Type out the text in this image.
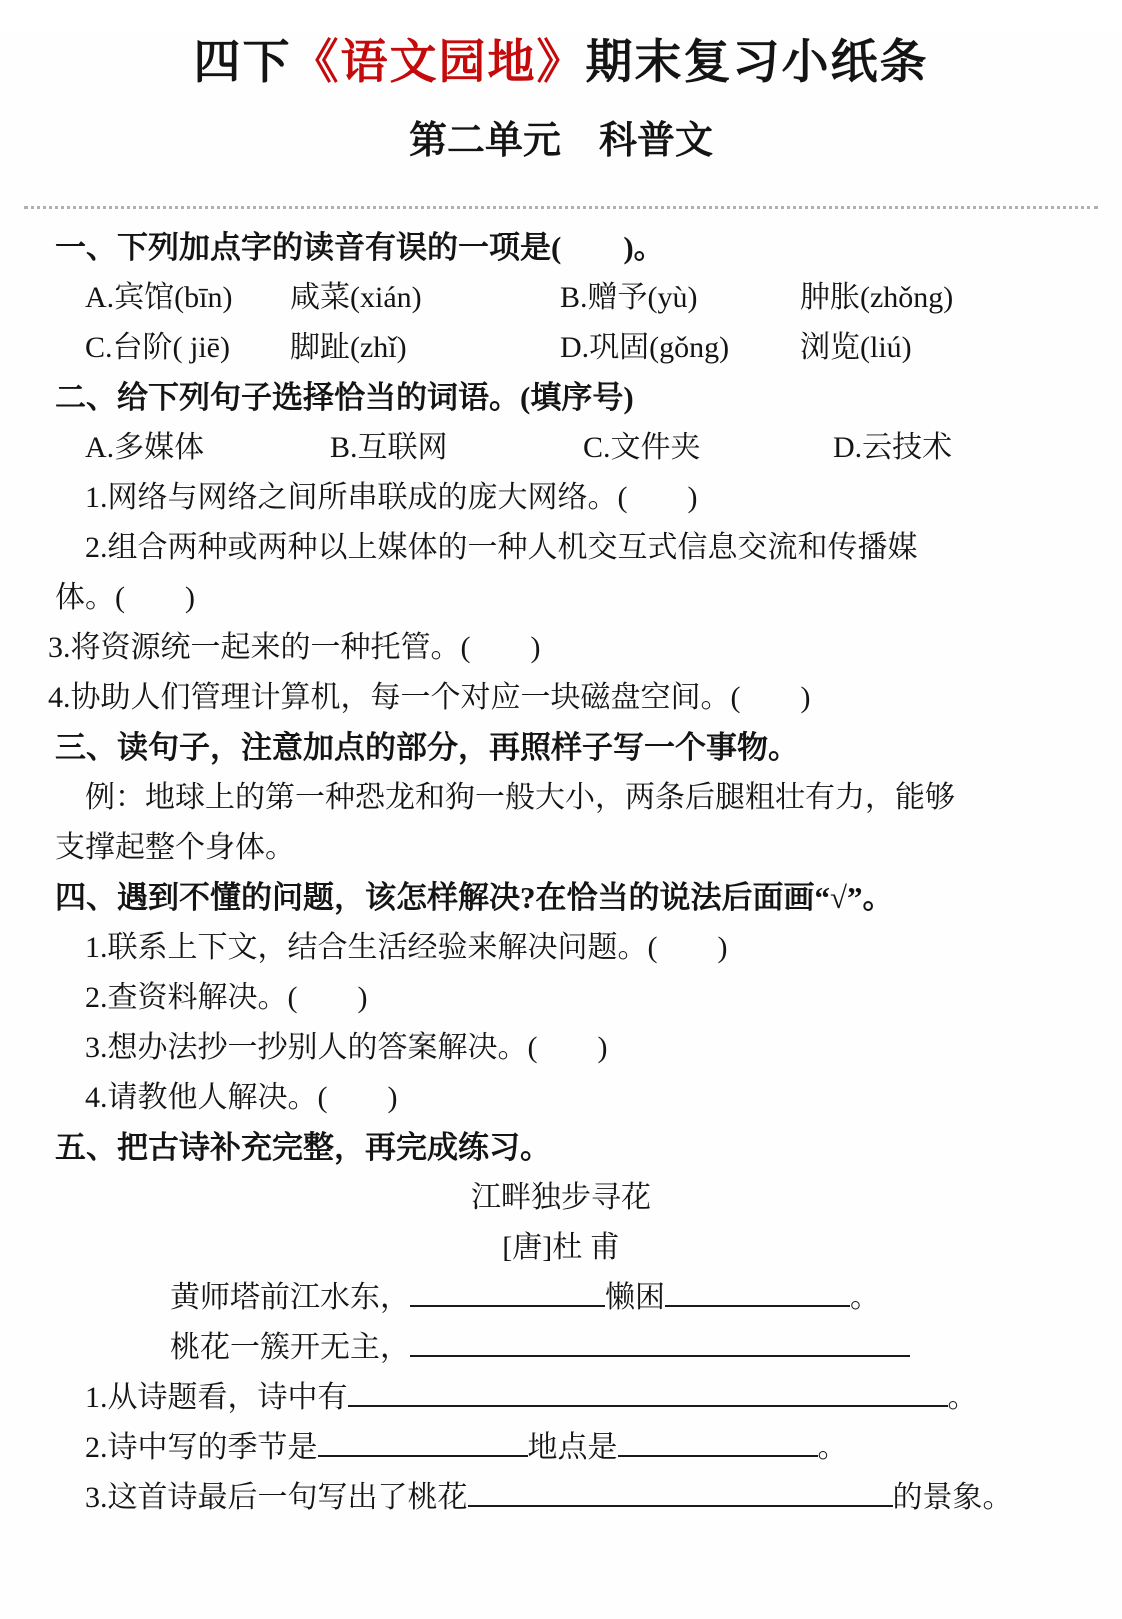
四下《语文园地》期末复习小纸条
第二单元　科普文
一、下列加点字的读音有误的一项是(　　)。
A.宾馆(bīn)	咸菜(xián)	B.赠予(yù)	肿胀(zhǒng)
C.台阶( jiē)	脚趾(zhǐ)	D.巩固(gǒng)	浏览(liú)
二、给下列句子选择恰当的词语。(填序号)
A.多媒体	B.互联网	C.文件夹	D.云技术
1.网络与网络之间所串联成的庞大网络。(　　)
2.组合两种或两种以上媒体的一种人机交互式信息交流和传播媒
体。(　　)
3.将资源统一起来的一种托管。(　　)
4.协助人们管理计算机，每一个对应一块磁盘空间。(　　)
三、读句子，注意加点的部分，再照样子写一个事物。
例：地球上的第一种恐龙和狗一般大小，两条后腿粗壮有力，能够
支撑起整个身体。
四、遇到不懂的问题，该怎样解决?在恰当的说法后面画“√”。
1.联系上下文，结合生活经验来解决问题。(　　)
2.查资料解决。(　　)
3.想办法抄一抄别人的答案解决。(　　)
4.请教他人解决。(　　)
五、把古诗补充完整，再完成练习。
江畔独步寻花
[唐]杜 甫
黄师塔前江水东，	懒困	。
桃花一簇开无主，
1.从诗题看，诗中有	。
2.诗中写的季节是	地点是	。
3.这首诗最后一句写出了桃花	的景象。
